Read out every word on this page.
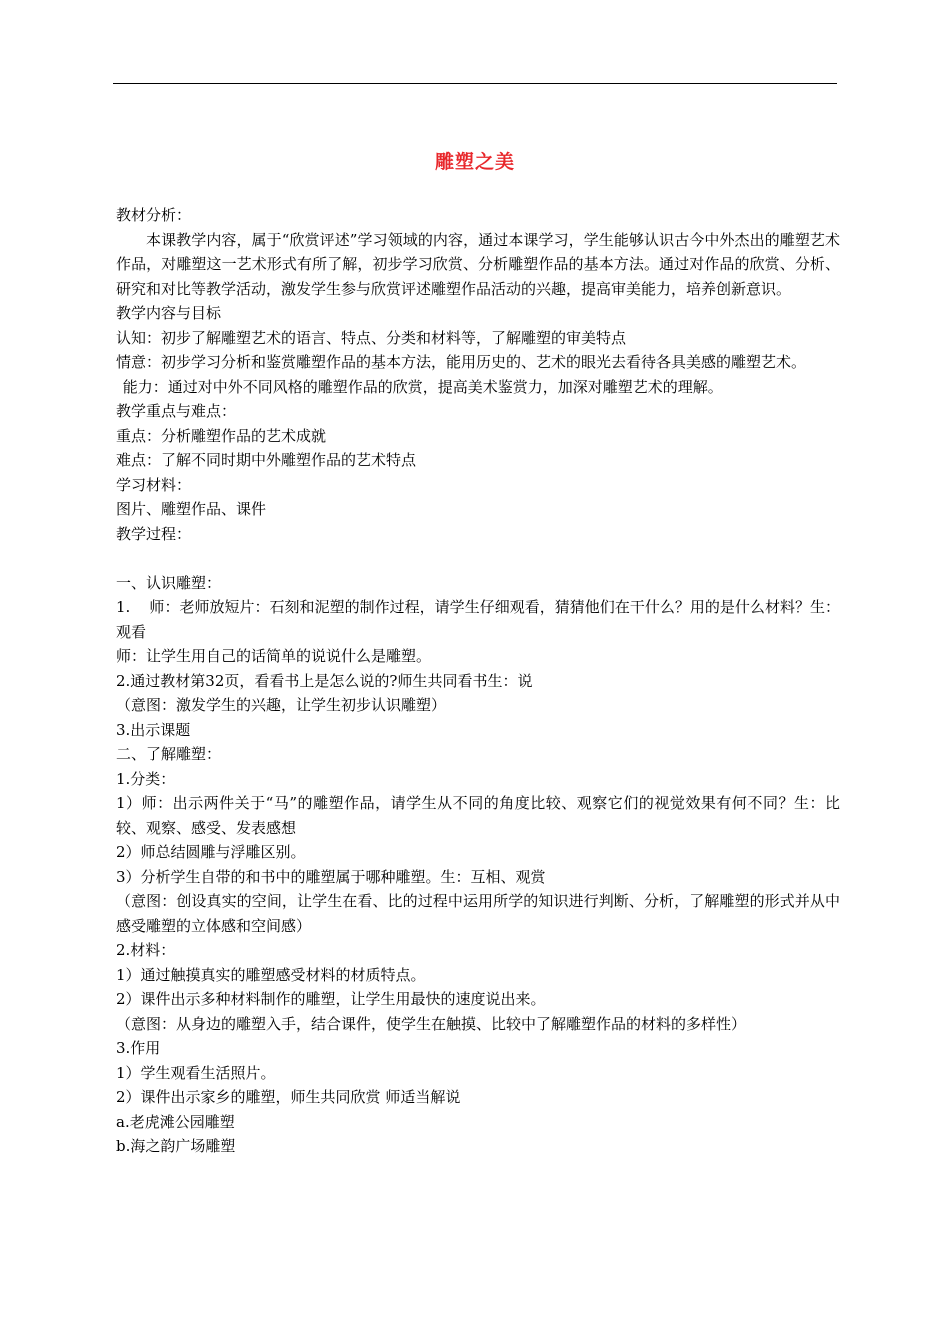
雕塑之美

教材分析：

本课教学内容，属于“欣赏评述”学习领域的内容，通过本课学习，学生能够认识古今中外杰出的雕塑艺术作品，对雕塑这一艺术形式有所了解，初步学习欣赏、分析雕塑作品的基本方法。通过对作品的欣赏、分析、研究和对比等教学活动，激发学生参与欣赏评述雕塑作品活动的兴趣，提高审美能力，培养创新意识。

教学内容与目标

认知：初步了解雕塑艺术的语言、特点、分类和材料等，了解雕塑的审美特点

情意：初步学习分析和鉴赏雕塑作品的基本方法，能用历史的、艺术的眼光去看待各具美感的雕塑艺术。

能力：通过对中外不同风格的雕塑作品的欣赏，提高美术鉴赏力，加深对雕塑艺术的理解。

教学重点与难点：

重点：分析雕塑作品的艺术成就

难点：了解不同时期中外雕塑作品的艺术特点

学习材料：

图片、雕塑作品、课件

教学过程：

一、认识雕塑：

1.    师：老师放短片：石刻和泥塑的制作过程，请学生仔细观看，猜猜他们在干什么？用的是什么材料？生：观看

师：让学生用自己的话简单的说说什么是雕塑。

2.通过教材第32页，看看书上是怎么说的?师生共同看书生：说

（意图：激发学生的兴趣，让学生初步认识雕塑）

3.出示课题

二、了解雕塑：

1.分类：

1）师：出示两件关于“马”的雕塑作品，请学生从不同的角度比较、观察它们的视觉效果有何不同？生：比较、观察、感受、发表感想

2）师总结圆雕与浮雕区别。

3）分析学生自带的和书中的雕塑属于哪种雕塑。生：互相、观赏

（意图：创设真实的空间，让学生在看、比的过程中运用所学的知识进行判断、分析，了解雕塑的形式并从中感受雕塑的立体感和空间感）

2.材料：

1）通过触摸真实的雕塑感受材料的材质特点。

2）课件出示多种材料制作的雕塑，让学生用最快的速度说出来。

（意图：从身边的雕塑入手，结合课件，使学生在触摸、比较中了解雕塑作品的材料的多样性）

3.作用

1）学生观看生活照片。

2）课件出示家乡的雕塑，师生共同欣赏 师适当解说

a.老虎滩公园雕塑

b.海之韵广场雕塑
